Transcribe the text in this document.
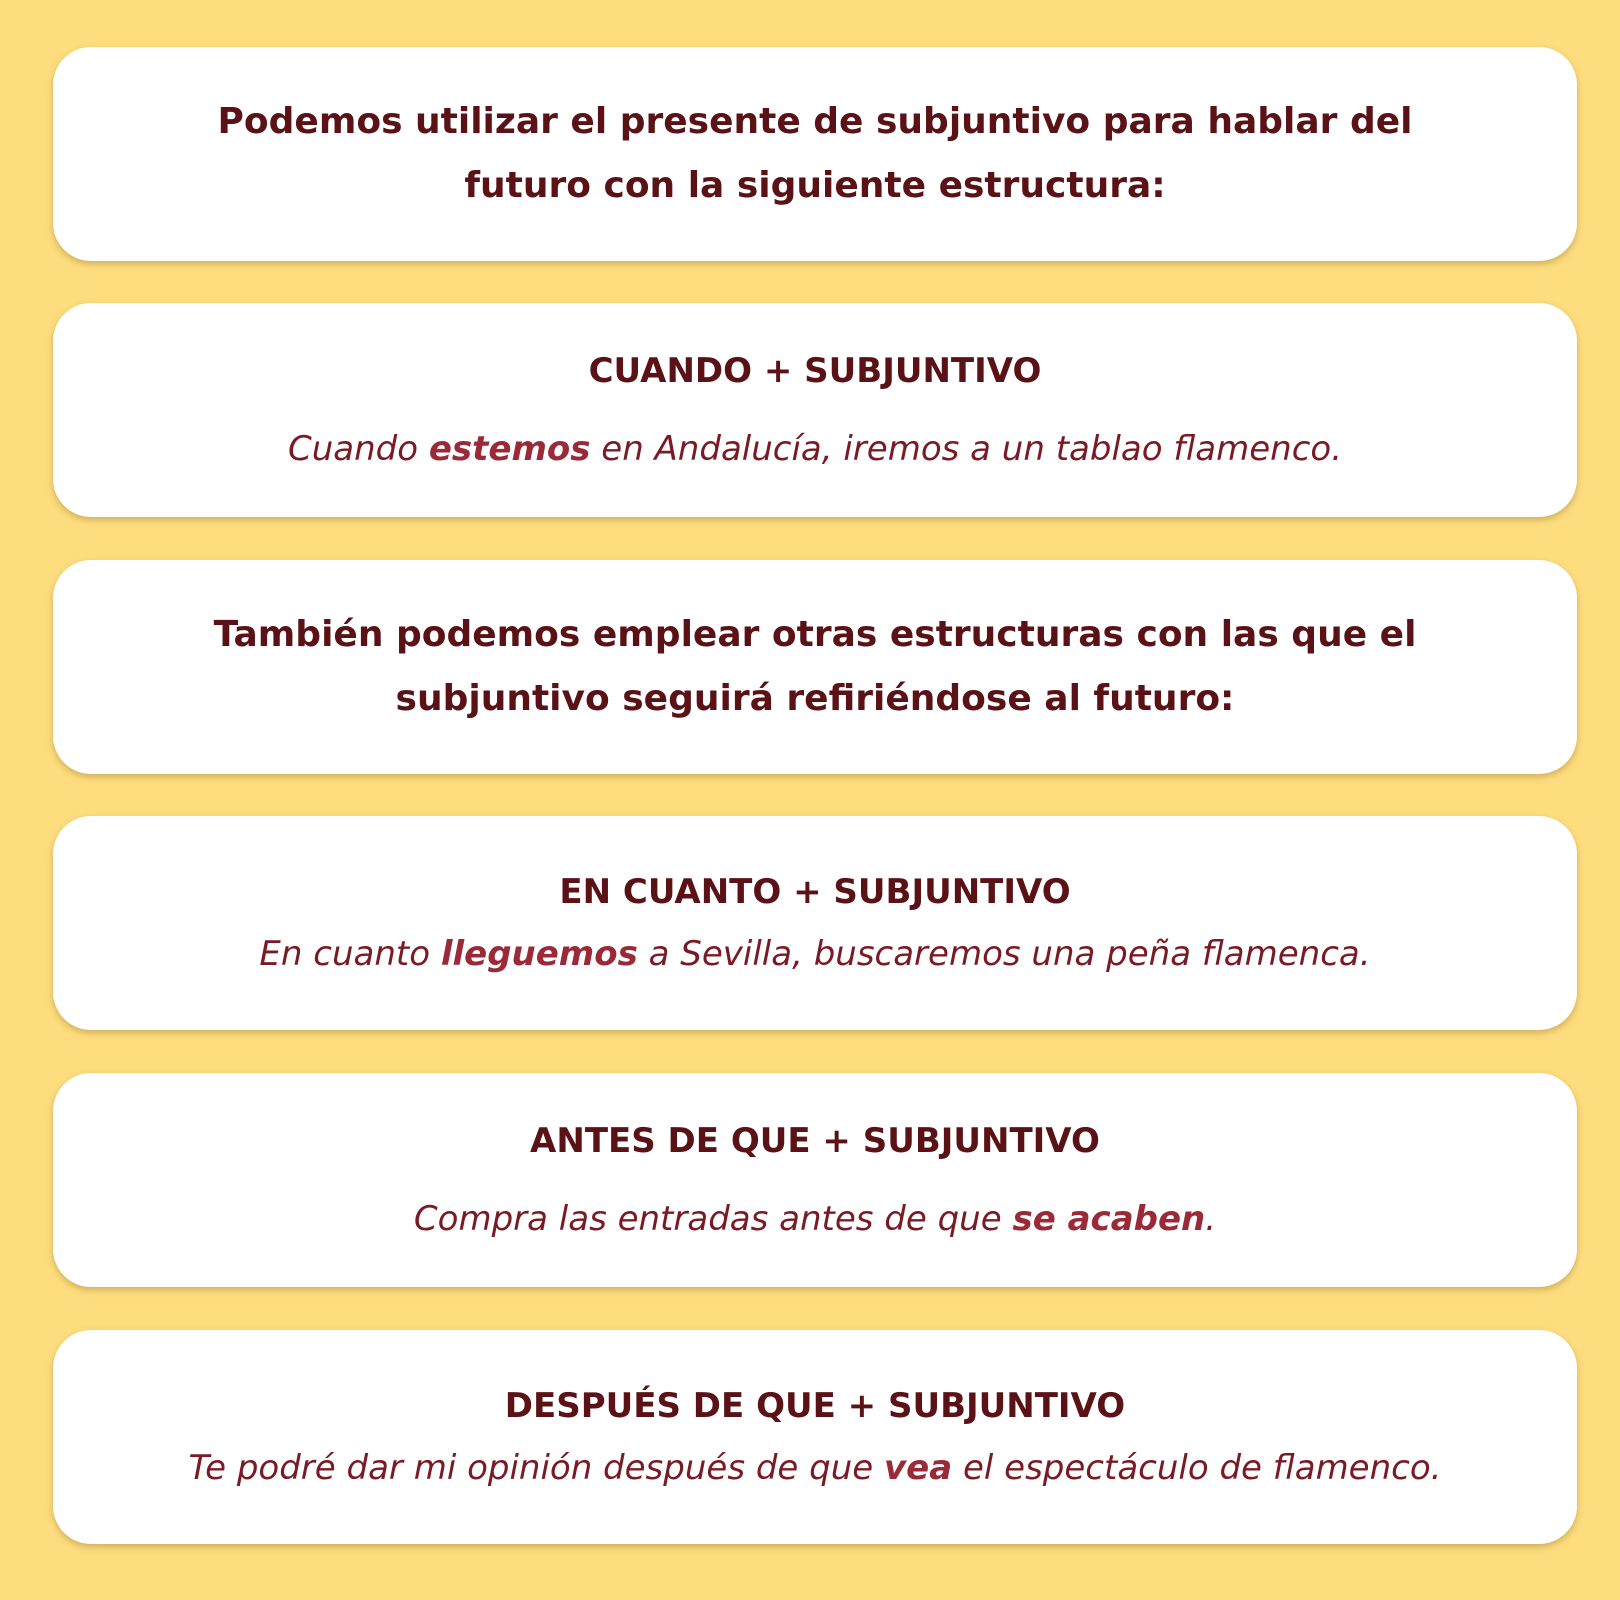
Podemos utilizar el presente de subjuntivo para hablar del futuro con la siguiente estructura:
CUANDO + SUBJUNTIVO
Cuando estemos en Andalucía, iremos a un tablao flamenco.
También podemos emplear otras estructuras con las que el subjuntivo seguirá refiriéndose al futuro:
EN CUANTO + SUBJUNTIVO
En cuanto lleguemos a Sevilla, buscaremos una peña flamenca.
ANTES DE QUE + SUBJUNTIVO
Compra las entradas antes de que se acaben.
DESPUÉS DE QUE + SUBJUNTIVO
Te podré dar mi opinión después de que vea el espectáculo de flamenco.
